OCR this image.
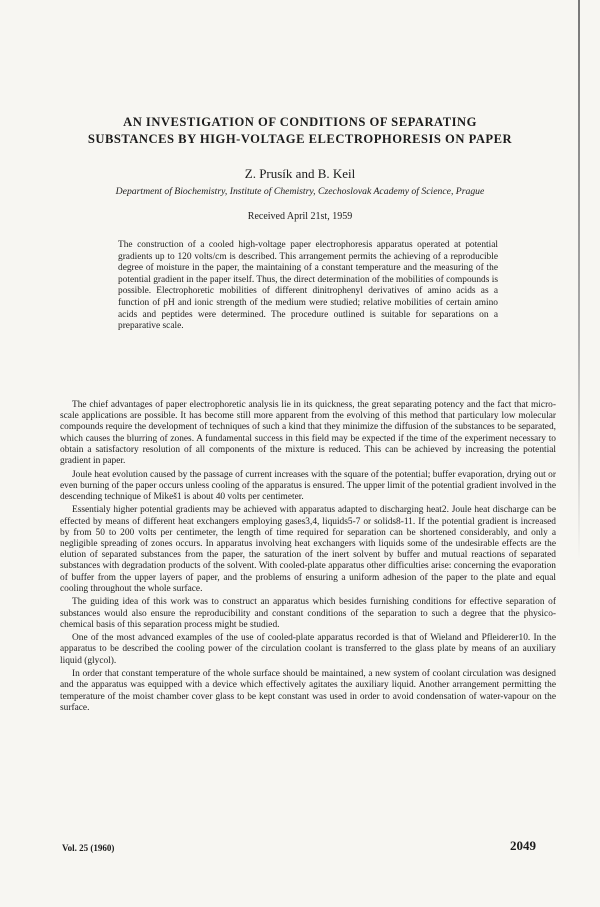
AN INVESTIGATION OF CONDITIONS OF SEPARATING
SUBSTANCES BY HIGH-VOLTAGE ELECTROPHORESIS ON PAPER
Z. Prusík and B. Keil
Department of Biochemistry, Institute of Chemistry, Czechoslovak Academy of Science, Prague
Received April 21st, 1959
The construction of a cooled high-voltage paper electrophoresis apparatus operated at potential gradients up to 120 volts/cm is described. This arrangement permits the achieving of a reproducible degree of moisture in the paper, the maintaining of a constant temperature and the measuring of the potential gradient in the paper itself. Thus, the direct determination of the mobilities of compounds is possible. Electrophoretic mobilities of different dinitrophenyl derivatives of amino acids as a function of pH and ionic strength of the medium were studied; relative mobilities of certain amino acids and peptides were determined. The procedure outlined is suitable for separations on a preparative scale.

The chief advantages of paper electrophoretic analysis lie in its quickness, the great separating potency and the fact that micro-scale applications are possible. It has become still more apparent from the evolving of this method that particulary low molecular compounds require the development of techniques of such a kind that they minimize the diffusion of the substances to be separated, which causes the blurring of zones. A fundamental success in this field may be expected if the time of the experiment necessary to obtain a satisfactory resolution of all components of the mixture is reduced. This can be achieved by increasing the potential gradient in paper.

Joule heat evolution caused by the passage of current increases with the square of the potential; buffer evaporation, drying out or even burning of the paper occurs unless cooling of the apparatus is ensured. The upper limit of the potential gradient involved in the descending technique of Mikeš1 is about 40 volts per centimeter.

Essentialy higher potential gradients may be achieved with apparatus adapted to discharging heat2. Joule heat discharge can be effected by means of different heat exchangers employing gases3,4, liquids5-7 or solids8-11. If the potential gradient is increased by from 50 to 200 volts per centimeter, the length of time required for separation can be shortened considerably, and only a negligible spreading of zones occurs. In apparatus involving heat exchangers with liquids some of the undesirable effects are the elution of separated substances from the paper, the saturation of the inert solvent by buffer and mutual reactions of separated substances with degradation products of the solvent. With cooled-plate apparatus other difficulties arise: concerning the evaporation of buffer from the upper layers of paper, and the problems of ensuring a uniform adhesion of the paper to the plate and equal cooling throughout the whole surface.

The guiding idea of this work was to construct an apparatus which besides furnishing conditions for effective separation of substances would also ensure the reproducibility and constant conditions of the separation to such a degree that the physico-chemical basis of this separation process might be studied.

One of the most advanced examples of the use of cooled-plate apparatus recorded is that of Wieland and Pfleiderer10. In the apparatus to be described the cooling power of the circulation coolant is transferred to the glass plate by means of an auxiliary liquid (glycol).

In order that constant temperature of the whole surface should be maintained, a new system of coolant circulation was designed and the apparatus was equipped with a device which effectively agitates the auxiliary liquid. Another arrangement permitting the temperature of the moist chamber cover glass to be kept constant was used in order to avoid condensation of water-vapour on the surface.

Vol. 25 (1960)	2049
